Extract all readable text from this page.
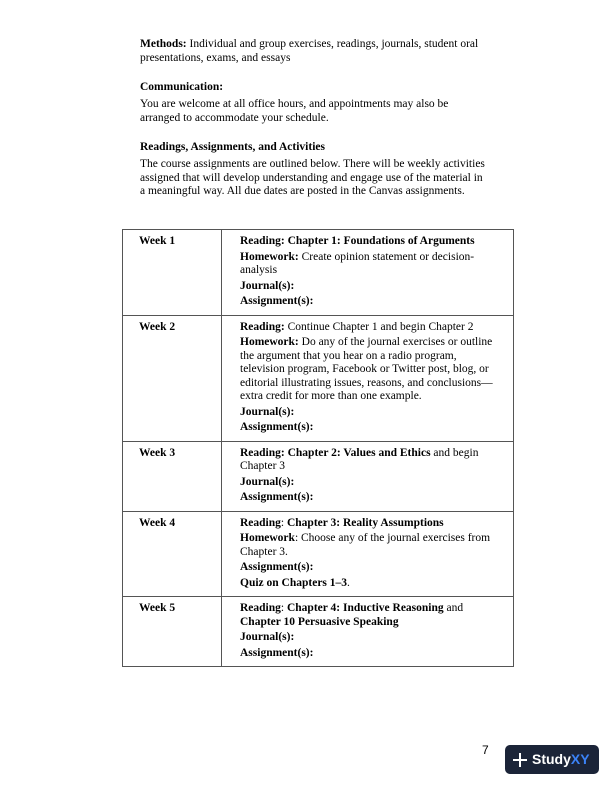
Methods: Individual and group exercises, readings, journals, student oral presentations, exams, and essays

Communication:

You are welcome at all office hours, and appointments may also be arranged to accommodate your schedule.

Readings, Assignments, and Activities

The course assignments are outlined below. There will be weekly activities assigned that will develop understanding and engage use of the material in a meaningful way. All due dates are posted in the Canvas assignments.

Week 1	Reading: Chapter 1: Foundations of Arguments
Homework: Create opinion statement or decision-analysis
Journal(s):
Assignment(s):

Week 2	Reading: Continue Chapter 1 and begin Chapter 2
Homework: Do any of the journal exercises or outline the argument that you hear on a radio program, television program, Facebook or Twitter post, blog, or editorial illustrating issues, reasons, and conclusions—extra credit for more than one example.
Journal(s):
Assignment(s):

Week 3	Reading: Chapter 2: Values and Ethics and begin Chapter 3
Journal(s):
Assignment(s):

Week 4	Reading: Chapter 3: Reality Assumptions
Homework: Choose any of the journal exercises from Chapter 3.
Assignment(s):
Quiz on Chapters 1–3.

Week 5	Reading: Chapter 4: Inductive Reasoning and Chapter 10 Persuasive Speaking
Journal(s):
Assignment(s):
7
Study XY
